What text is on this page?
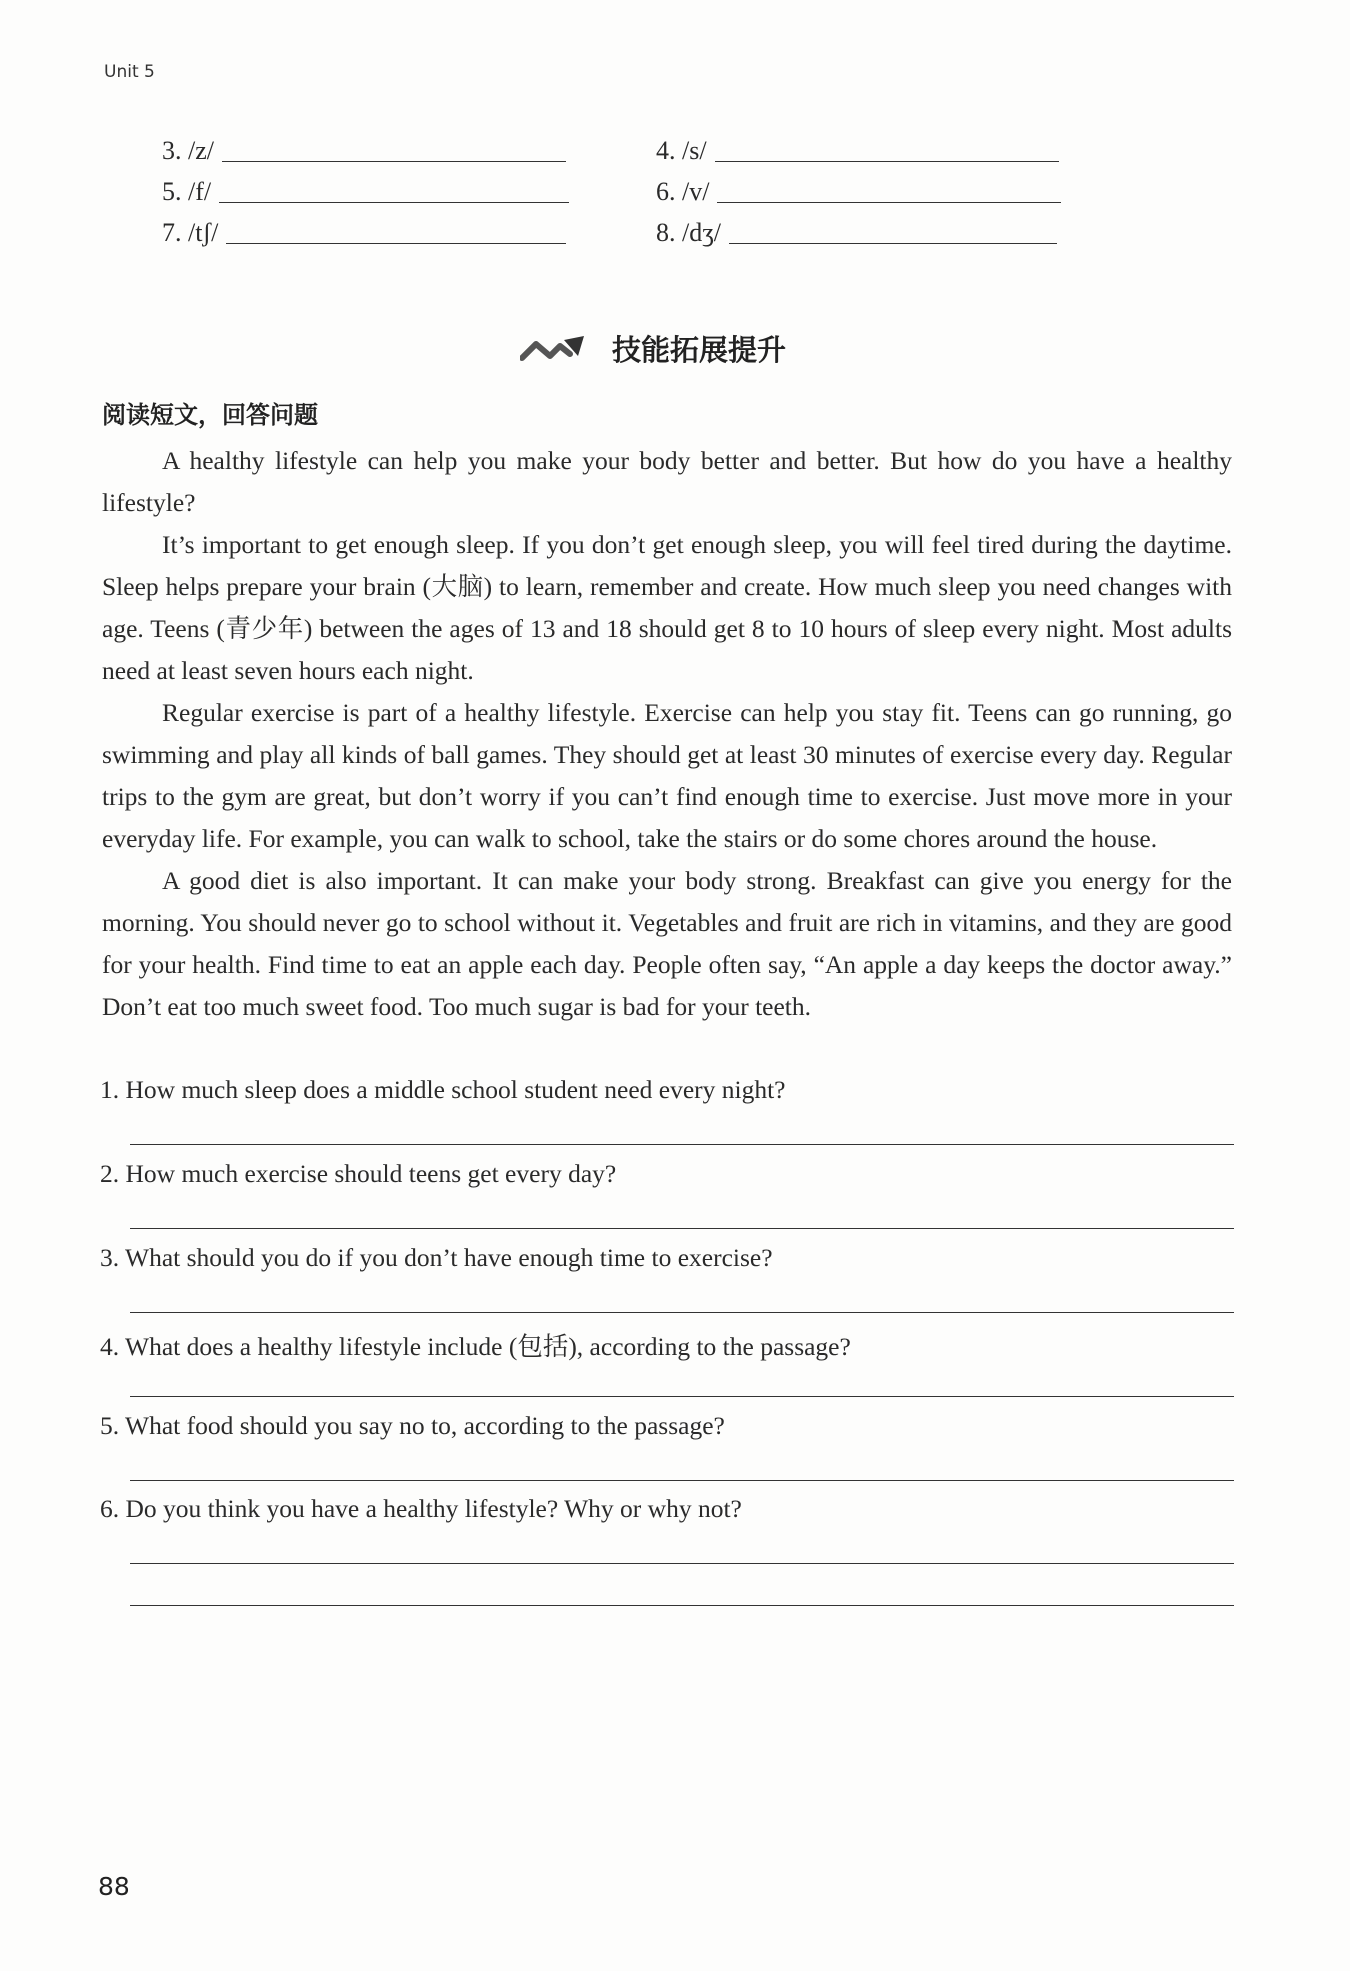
Unit 5
3. /z/	4. /s/
5. /f/	6. /v/
7. /tʃ/	8. /dʒ/
技能拓展提升
阅读短文，回答问题

A healthy lifestyle can help you make your body better and better. But how do you have a healthy lifestyle?

It’s important to get enough sleep. If you don’t get enough sleep, you will feel tired during the daytime. Sleep helps prepare your brain (大脑) to learn, remember and create. How much sleep you need changes with age. Teens (青少年) between the ages of 13 and 18 should get 8 to 10 hours of sleep every night. Most adults need at least seven hours each night.

Regular exercise is part of a healthy lifestyle. Exercise can help you stay fit. Teens can go running, go swimming and play all kinds of ball games. They should get at least 30 minutes of exercise every day. Regular trips to the gym are great, but don’t worry if you can’t find enough time to exercise. Just move more in your everyday life. For example, you can walk to school, take the stairs or do some chores around the house.

A good diet is also important. It can make your body strong. Breakfast can give you energy for the morning. You should never go to school without it. Vegetables and fruit are rich in vitamins, and they are good for your health. Find time to eat an apple each day. People often say, “An apple a day keeps the doctor away.” Don’t eat too much sweet food. Too much sugar is bad for your teeth.

1. How much sleep does a middle school student need every night?
2. How much exercise should teens get every day?
3. What should you do if you don’t have enough time to exercise?
4. What does a healthy lifestyle include (包括), according to the passage?
5. What food should you say no to, according to the passage?
6. Do you think you have a healthy lifestyle? Why or why not?
88
